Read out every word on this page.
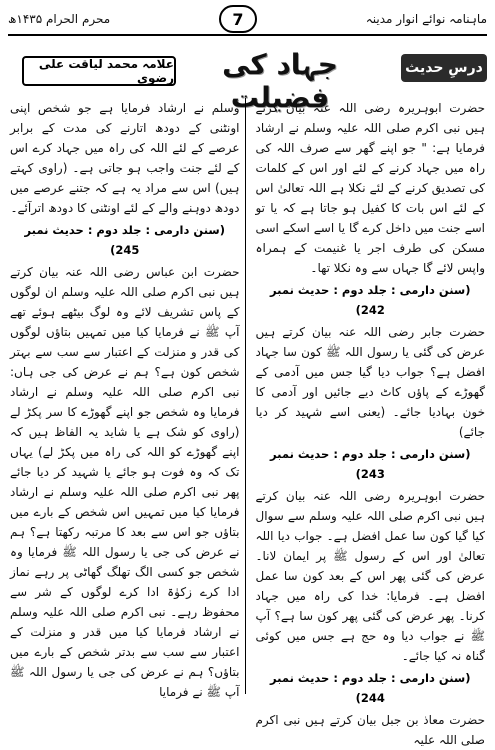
ماہنامہ نوائے انوار مدینہ
7
محرم الحرام ۱۴۳۵ھ
درسِ حدیث
جہاد کی فضیلت
علامہ محمد لیاقت علی رضوی

حضرت ابوہریرہ رضی اللہ عنہ بیان کرتے ہیں نبی اکرم صلی اللہ علیہ وسلم نے ارشاد فرمایا ہے: " جو اپنے گھر سے صرف اللہ کی راہ میں جہاد کرنے کے لئے اور اس کے کلمات کی تصدیق کرنے کے لئے نکلا ہے اللہ تعالیٰ اس کے لئے اس بات کا کفیل ہو جاتا ہے کہ یا تو اسے جنت میں داخل کرے گا یا اسے اسکے اسی مسکن کی طرف اجر یا غنیمت کے ہمراہ واپس لائے گا جہاں سے وہ نکلا تھا۔

(سنن دارمی : جلد دوم : حدیث نمبر 242)

حضرت جابر رضی اللہ عنہ بیان کرتے ہیں عرض کی گئی یا رسول اللہ ﷺ کون سا جہاد افضل ہے؟ جواب دیا گیا جس میں آدمی کے گھوڑے کے پاؤں کاٹ دیے جائیں اور آدمی کا خون بہادیا جائے۔ (یعنی اسے شہید کر دیا جائے)

(سنن دارمی : جلد دوم : حدیث نمبر 243)

حضرت ابوہریرہ رضی اللہ عنہ بیان کرتے ہیں نبی اکرم صلی اللہ علیہ وسلم سے سوال کیا گیا کون سا عمل افضل ہے۔ جواب دیا اللہ تعالیٰ اور اس کے رسول ﷺ پر ایمان لانا۔ عرض کی گئی پھر اس کے بعد کون سا عمل افضل ہے۔ فرمایا: خدا کی راہ میں جہاد کرنا۔ پھر عرض کی گئی پھر کون سا ہے؟ آپ ﷺ نے جواب دیا وہ حج ہے جس میں کوئی گناہ نہ کیا جائے۔

(سنن دارمی : جلد دوم : حدیث نمبر 244)

حضرت معاذ بن جبل بیان کرتے ہیں نبی اکرم صلی اللہ علیہ

وسلم نے ارشاد فرمایا ہے جو شخص اپنی اونٹنی کے دودھ اتارنے کی مدت کے برابر عرصے کے لئے اللہ کی راہ میں جہاد کرے اس کے لئے جنت واجب ہو جاتی ہے۔ (راوی کہتے ہیں) اس سے مراد یہ ہے کہ جتنے عرصے میں دودھ دوہنے والے کے لئے اونٹنی کا دودھ اترآئے۔

(سنن دارمی : جلد دوم : حدیث نمبر 245)

حضرت ابن عباس رضی اللہ عنہ بیان کرتے ہیں نبی اکرم صلی اللہ علیہ وسلم ان لوگوں کے پاس تشریف لائے وہ لوگ بیٹھے ہوئے تھے آپ ﷺ نے فرمایا کیا میں تمہیں بتاؤں لوگوں کی قدر و منزلت کے اعتبار سے سب سے بہتر شخص کون ہے؟ ہم نے عرض کی جی ہاں: نبی اکرم صلی اللہ علیہ وسلم نے ارشاد فرمایا وہ شخص جو اپنے گھوڑے کا سر پکڑ لے (راوی کو شک ہے یا شاید یہ الفاظ ہیں کہ اپنے گھوڑے کو اللہ کی راہ میں پکڑ لے) یہاں تک کہ وہ فوت ہو جائے یا شہید کر دیا جائے پھر نبی اکرم صلی اللہ علیہ وسلم نے ارشاد فرمایا کیا میں تمہیں اس شخص کے بارے میں بتاؤں جو اس سے بعد کا مرتبہ رکھتا ہے؟ ہم نے عرض کی جی یا رسول اللہ ﷺ فرمایا وہ شخص جو کسی الگ تھلگ گھاٹی پر رہے نماز ادا کرے زکوٰۃ ادا کرے لوگوں کے شر سے محفوظ رہے۔ نبی اکرم صلی اللہ علیہ وسلم نے ارشاد فرمایا کیا میں قدر و منزلت کے اعتبار سے سب سے بدتر شخص کے بارے میں بتاؤں؟ ہم نے عرض کی جی یا رسول اللہ ﷺ آپ ﷺ نے فرمایا
